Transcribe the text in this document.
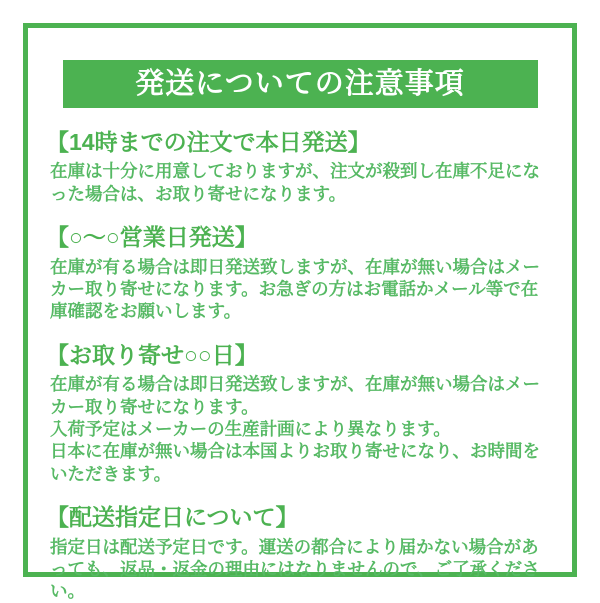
発送についての注意事項
【14時までの注文で本日発送】

在庫は十分に用意しておりますが、注文が殺到し在庫不足になった場合は、お取り寄せになります。

【○～○営業日発送】

在庫が有る場合は即日発送致しますが、在庫が無い場合はメーカー取り寄せになります。お急ぎの方はお電話かメール等で在庫確認をお願いします。

【お取り寄せ○○日】

在庫が有る場合は即日発送致しますが、在庫が無い場合はメーカー取り寄せになります。

入荷予定はメーカーの生産計画により異なります。

日本に在庫が無い場合は本国よりお取り寄せになり、お時間をいただきます。

【配送指定日について】

指定日は配送予定日です。運送の都合により届かない場合があっても、返品・返金の理由にはなりませんので、ご了承ください。
